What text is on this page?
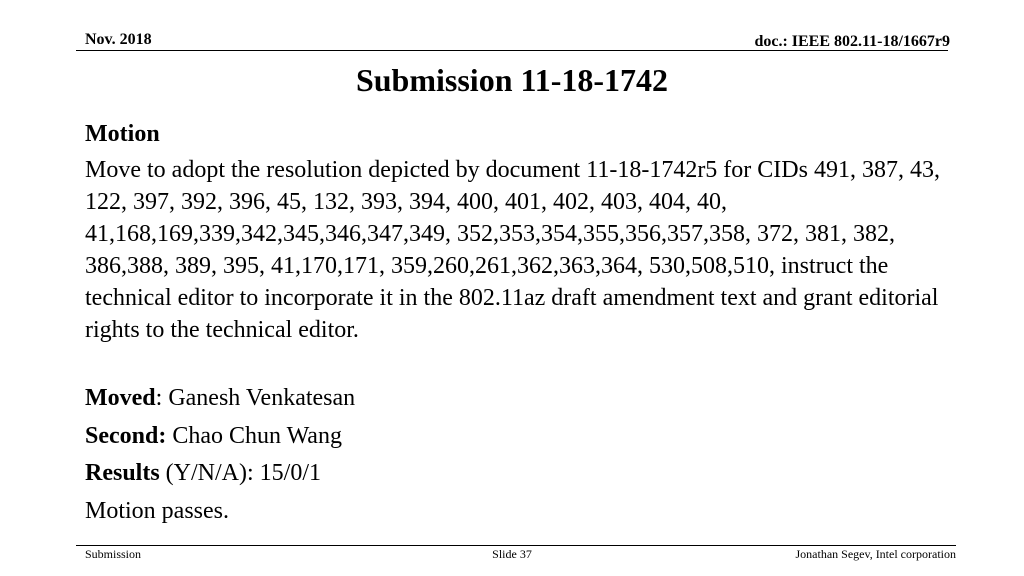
Nov. 2018	doc.: IEEE 802.11-18/1667r9
Submission 11-18-1742

Motion

Move to adopt the resolution depicted by document 11-18-1742r5 for CIDs 491, 387, 43, 122, 397, 392, 396, 45, 132, 393, 394, 400, 401, 402, 403, 404, 40, 41,168,169,339,342,345,346,347,349, 352,353,354,355,356,357,358, 372, 381, 382, 386,388, 389, 395, 41,170,171, 359,260,261,362,363,364, 530,508,510, instruct the technical editor to incorporate it in the 802.11az draft amendment text and grant editorial rights to the technical editor.

Moved: Ganesh Venkatesan

Second: Chao Chun Wang

Results (Y/N/A): 15/0/1

Motion passes.

Submission	Slide 37	Jonathan Segev, Intel corporation
